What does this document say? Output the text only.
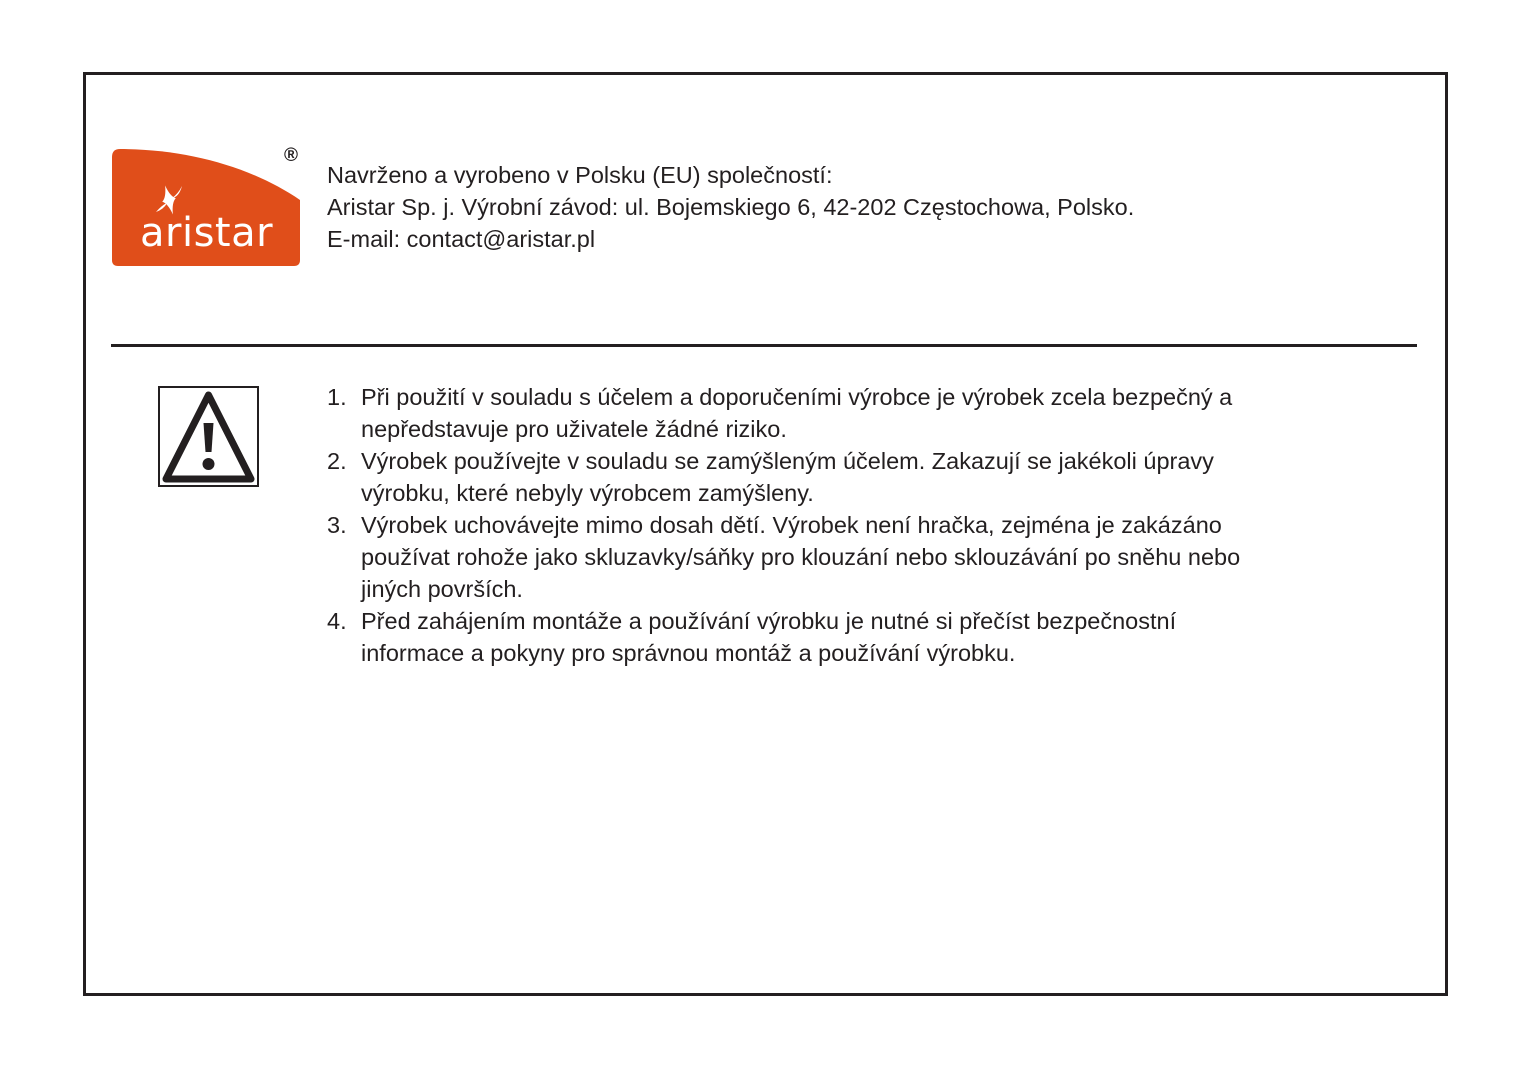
aristar
®
Navrženo a vyrobeno v Polsku (EU) společností:
Aristar Sp. j. Výrobní závod: ul. Bojemskiego 6, 42-202 Częstochowa, Polsko.
E-mail: contact@aristar.pl
1. Při použití v souladu s účelem a doporučeními výrobce je výrobek zcela bezpečný a
nepředstavuje pro uživatele žádné riziko.
2. Výrobek používejte v souladu se zamýšleným účelem. Zakazují se jakékoli úpravy
výrobku, které nebyly výrobcem zamýšleny.
3. Výrobek uchovávejte mimo dosah dětí. Výrobek není hračka, zejména je zakázáno
používat rohože jako skluzavky/sáňky pro klouzání nebo sklouzávání po sněhu nebo
jiných površích.
4. Před zahájením montáže a používání výrobku je nutné si přečíst bezpečnostní
informace a pokyny pro správnou montáž a používání výrobku.
